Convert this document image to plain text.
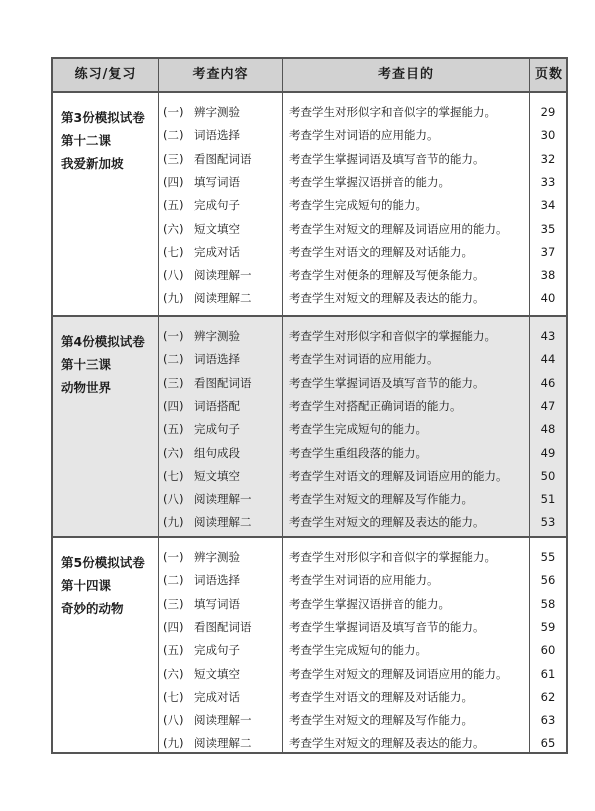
练习/复习	考查内容	考查目的	页数
第3份模拟试卷
第十二课
我爱新加坡
(一) 辨字测验	考查学生对形似字和音似字的掌握能力。	29
(二) 词语选择	考查学生对词语的应用能力。	30
(三) 看图配词语	考查学生掌握词语及填写音节的能力。	32
(四) 填写词语	考查学生掌握汉语拼音的能力。	33
(五) 完成句子	考查学生完成短句的能力。	34
(六) 短文填空	考查学生对短文的理解及词语应用的能力。	35
(七) 完成对话	考查学生对语文的理解及对话能力。	37
(八) 阅读理解一	考查学生对便条的理解及写便条能力。	38
(九) 阅读理解二	考查学生对短文的理解及表达的能力。	40
第4份模拟试卷
第十三课
动物世界
(一) 辨字测验	考查学生对形似字和音似字的掌握能力。	43
(二) 词语选择	考查学生对词语的应用能力。	44
(三) 看图配词语	考查学生掌握词语及填写音节的能力。	46
(四) 词语搭配	考查学生对搭配正确词语的能力。	47
(五) 完成句子	考查学生完成短句的能力。	48
(六) 组句成段	考查学生重组段落的能力。	49
(七) 短文填空	考查学生对语文的理解及词语应用的能力。	50
(八) 阅读理解一	考查学生对短文的理解及写作能力。	51
(九) 阅读理解二	考查学生对短文的理解及表达的能力。	53
第5份模拟试卷
第十四课
奇妙的动物
(一) 辨字测验	考查学生对形似字和音似字的掌握能力。	55
(二) 词语选择	考查学生对词语的应用能力。	56
(三) 填写词语	考查学生掌握汉语拼音的能力。	58
(四) 看图配词语	考查学生掌握词语及填写音节的能力。	59
(五) 完成句子	考查学生完成短句的能力。	60
(六) 短文填空	考查学生对短文的理解及词语应用的能力。	61
(七) 完成对话	考查学生对语文的理解及对话能力。	62
(八) 阅读理解一	考查学生对短文的理解及写作能力。	63
(九) 阅读理解二	考查学生对短文的理解及表达的能力。	65
